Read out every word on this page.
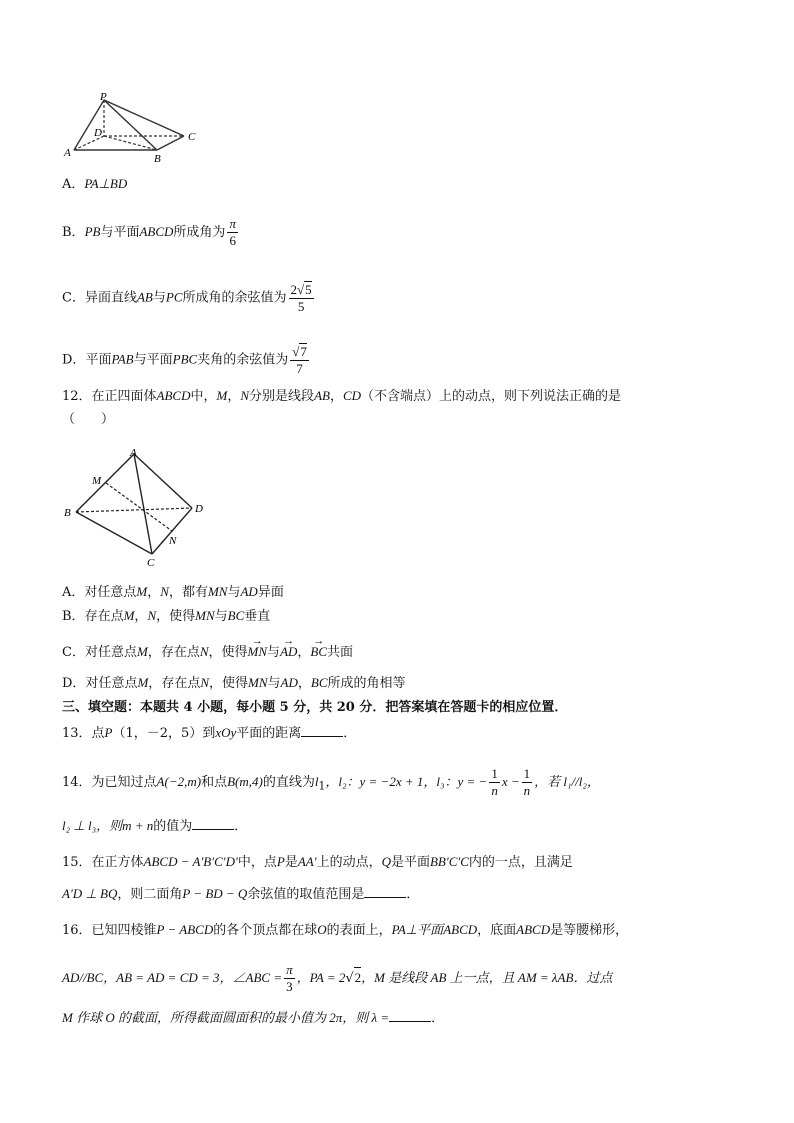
P
D	C
A	B
A．PA⊥BD
B．PB与平面ABCD所成角为 $\frac{\pi}{6}$
C．异面直线AB与PC所成角的余弦值为 $\frac{2√5}{5}$
D．平面PAB与平面PBC夹角的余弦值为 $\frac{√7}{7}$
12．在正四面体ABCD中，M，N分别是线段AB，CD（不含端点）上的动点，则下列说法正确的是
（　　）
A
M
B	D
N
C
A．对任意点M，N，都有MN与AD异面
B．存在点M，N，使得MN与BC垂直
C．对任意点M，存在点N，使得→ MN与→ AD，→ BC共面
D．对任意点M，存在点N，使得MN与AD，BC所成的角相等
三、填空题：本题共 4 小题，每小题 5 分，共 20 分．把答案填在答题卡的相应位置．
13．点P（1，－2，5）到xOy平面的距离	．
14．为已知过点A(−2,m)和点B(m,4)的直线为$l_1$，l₂：y = −2x + 1，l₃：y = − $\frac{1}{n}$ $x - \frac{1}{n}$ ，若 l₁//l₂，
l₂ ⊥ l₃，则m + n的值为	．
15．在正方体ABCD − A′B′C′D′中，点P是AA′上的动点，Q是平面BB′C′C内的一点，且满足
A′D ⊥ BQ，则二面角P − BD − Q余弦值的取值范围是	．
16．已知四棱锥P − ABCD的各个顶点都在球O的表面上，PA⊥平面ABCD，底面ABCD是等腰梯形，
AD//BC，AB = AD = CD = 3，∠ABC = $\frac{\pi}{3}$ ，PA = 2√2，M 是线段 AB 上一点，且 AM = λAB．过点
M 作球 O 的截面，所得截面圆面积的最小值为 2π，则 λ =	．
